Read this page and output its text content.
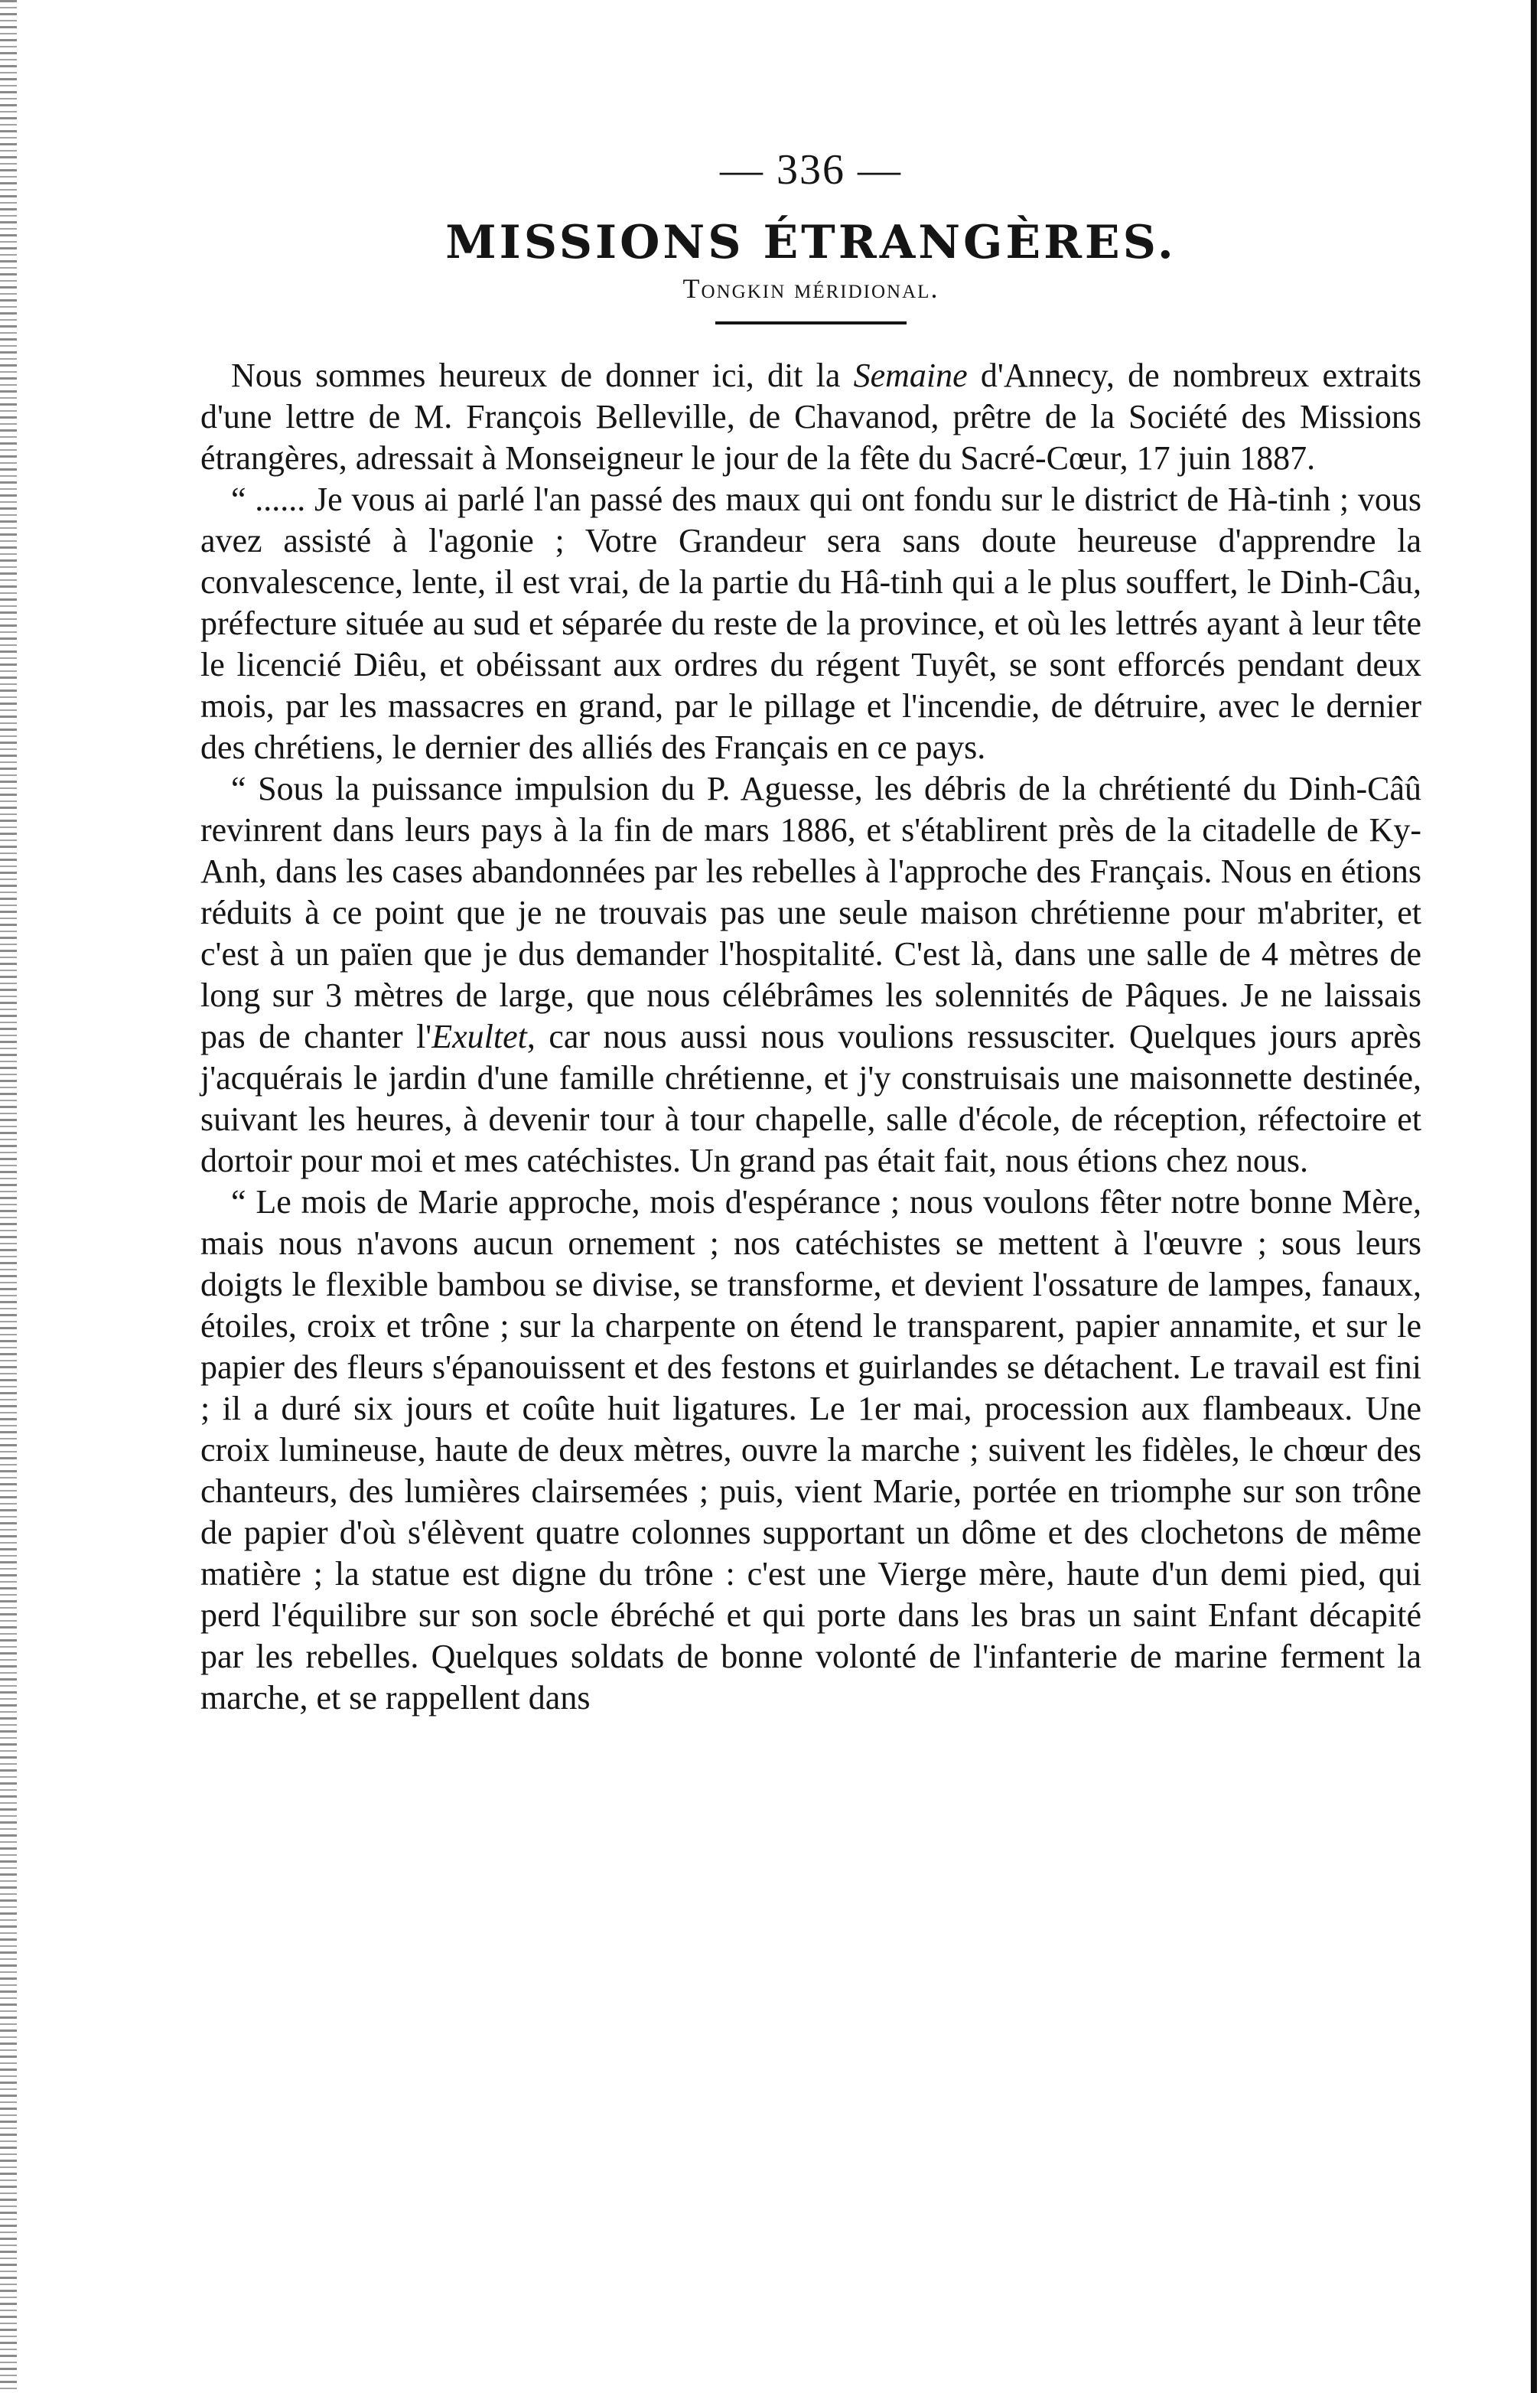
— 336 —

MISSIONS ÉTRANGÈRES.

Tongkin méridional.

Nous sommes heureux de donner ici, dit la Semaine d'Annecy, de nombreux extraits d'une lettre de M. François Belleville, de Chavanod, prêtre de la Société des Missions étrangères, adressait à Monseigneur le jour de la fête du Sacré-Cœur, 17 juin 1887.

“ ...... Je vous ai parlé l'an passé des maux qui ont fondu sur le district de Hà-tinh ; vous avez assisté à l'agonie ; Votre Grandeur sera sans doute heureuse d'apprendre la convalescence, lente, il est vrai, de la partie du Hâ-tinh qui a le plus souffert, le Dinh-Câu, préfecture située au sud et séparée du reste de la province, et où les lettrés ayant à leur tête le licencié Diêu, et obéissant aux ordres du régent Tuyêt, se sont efforcés pendant deux mois, par les massacres en grand, par le pillage et l'incendie, de détruire, avec le dernier des chrétiens, le dernier des alliés des Français en ce pays.

“ Sous la puissance impulsion du P. Aguesse, les débris de la chrétienté du Dinh-Câû revinrent dans leurs pays à la fin de mars 1886, et s'établirent près de la citadelle de Ky-Anh, dans les cases abandonnées par les rebelles à l'approche des Français. Nous en étions réduits à ce point que je ne trouvais pas une seule maison chrétienne pour m'abriter, et c'est à un païen que je dus demander l'hospitalité. C'est là, dans une salle de 4 mètres de long sur 3 mètres de large, que nous célébrâmes les solennités de Pâques. Je ne laissais pas de chanter l'Exultet, car nous aussi nous voulions ressusciter. Quelques jours après j'acquérais le jardin d'une famille chrétienne, et j'y construisais une maisonnette destinée, suivant les heures, à devenir tour à tour chapelle, salle d'école, de réception, réfectoire et dortoir pour moi et mes catéchistes. Un grand pas était fait, nous étions chez nous.

“ Le mois de Marie approche, mois d'espérance ; nous voulons fêter notre bonne Mère, mais nous n'avons aucun ornement ; nos catéchistes se mettent à l'œuvre ; sous leurs doigts le flexible bambou se divise, se transforme, et devient l'ossature de lampes, fanaux, étoiles, croix et trône ; sur la charpente on étend le transparent, papier annamite, et sur le papier des fleurs s'épanouissent et des festons et guirlandes se détachent. Le travail est fini ; il a duré six jours et coûte huit ligatures. Le 1er mai, procession aux flambeaux. Une croix lumineuse, haute de deux mètres, ouvre la marche ; suivent les fidèles, le chœur des chanteurs, des lumières clairsemées ; puis, vient Marie, portée en triomphe sur son trône de papier d'où s'élèvent quatre colonnes supportant un dôme et des clochetons de même matière ; la statue est digne du trône : c'est une Vierge mère, haute d'un demi pied, qui perd l'équilibre sur son socle ébréché et qui porte dans les bras un saint Enfant décapité par les rebelles. Quelques soldats de bonne volonté de l'infanterie de marine ferment la marche, et se rappellent dans
